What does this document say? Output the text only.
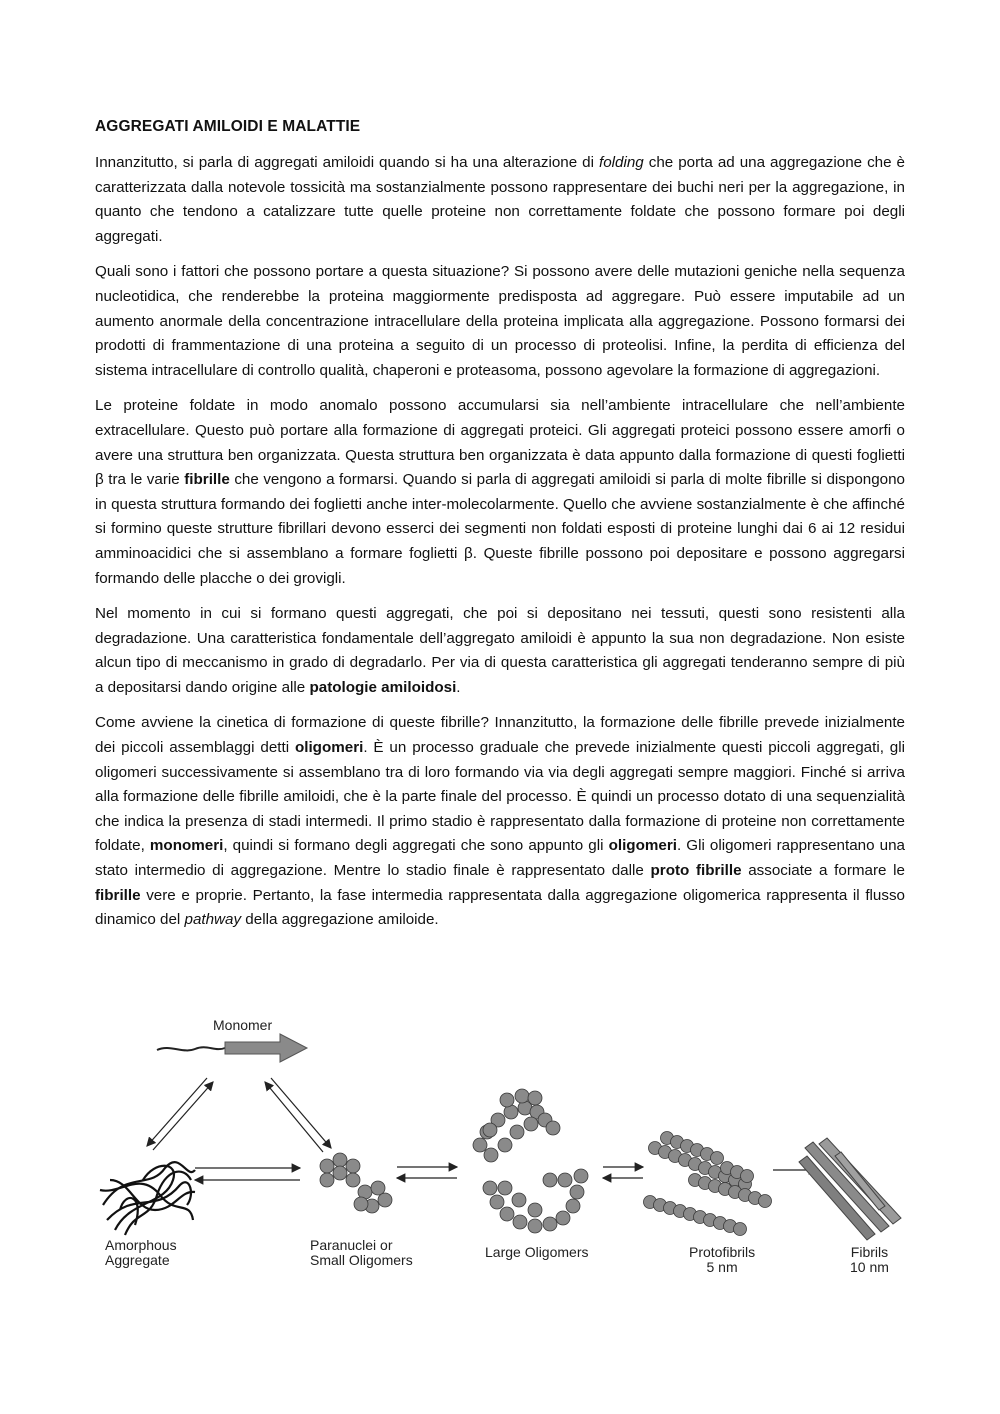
AGGREGATI AMILOIDI E MALATTIE

Innanzitutto, si parla di aggregati amiloidi quando si ha una alterazione di folding che porta ad una aggregazione che è caratterizzata dalla notevole tossicità ma sostanzialmente possono rappresentare dei buchi neri per la aggregazione, in quanto che tendono a catalizzare tutte quelle proteine non correttamente foldate che possono formare poi degli aggregati.

Quali sono i fattori che possono portare a questa situazione? Si possono avere delle mutazioni geniche nella sequenza nucleotidica, che renderebbe la proteina maggiormente predisposta ad aggregare. Può essere imputabile ad un aumento anormale della concentrazione intracellulare della proteina implicata alla aggregazione. Possono formarsi dei prodotti di frammentazione di una proteina a seguito di un processo di proteolisi. Infine, la perdita di efficienza del sistema intracellulare di controllo qualità, chaperoni e proteasoma, possono agevolare la formazione di aggregazioni.

Le proteine foldate in modo anomalo possono accumularsi sia nell’ambiente intracellulare che nell’ambiente extracellulare. Questo può portare alla formazione di aggregati proteici. Gli aggregati proteici possono essere amorfi o avere una struttura ben organizzata. Questa struttura ben organizzata è data appunto dalla formazione di questi foglietti β tra le varie fibrille che vengono a formarsi. Quando si parla di aggregati amiloidi si parla di molte fibrille si dispongono in questa struttura formando dei foglietti anche inter-molecolarmente. Quello che avviene sostanzialmente è che affinché si formino queste strutture fibrillari devono esserci dei segmenti non foldati esposti di proteine lunghi dai 6 ai 12 residui amminoacidici che si assemblano a formare foglietti β. Queste fibrille possono poi depositare e possono aggregarsi formando delle placche o dei grovigli.

Nel momento in cui si formano questi aggregati, che poi si depositano nei tessuti, questi sono resistenti alla degradazione. Una caratteristica fondamentale dell’aggregato amiloidi è appunto la sua non degradazione. Non esiste alcun tipo di meccanismo in grado di degradarlo. Per via di questa caratteristica gli aggregati tenderanno sempre di più a depositarsi dando origine alle patologie amiloidosi.

Come avviene la cinetica di formazione di queste fibrille? Innanzitutto, la formazione delle fibrille prevede inizialmente dei piccoli assemblaggi detti oligomeri. È un processo graduale che prevede inizialmente questi piccoli aggregati, gli oligomeri successivamente si assemblano tra di loro formando via via degli aggregati sempre maggiori. Finché si arriva alla formazione delle fibrille amiloidi, che è la parte finale del processo. È quindi un processo dotato di una sequenzialità che indica la presenza di stadi intermedi. Il primo stadio è rappresentato dalla formazione di proteine non correttamente foldate, monomeri, quindi si formano degli aggregati che sono appunto gli oligomeri. Gli oligomeri rappresentano una stato intermedio di aggregazione. Mentre lo stadio finale è rappresentato dalle proto fibrille associate a formare le fibrille vere e proprie. Pertanto, la fase intermedia rappresentata dalla aggregazione oligomerica rappresenta il flusso dinamico del pathway della aggregazione amiloide.

Monomer
Amorphous
Aggregate
Paranuclei or
Small Oligomers	Large Oligomers	Protofibrils
5 nm
Fibrils
10 nm
